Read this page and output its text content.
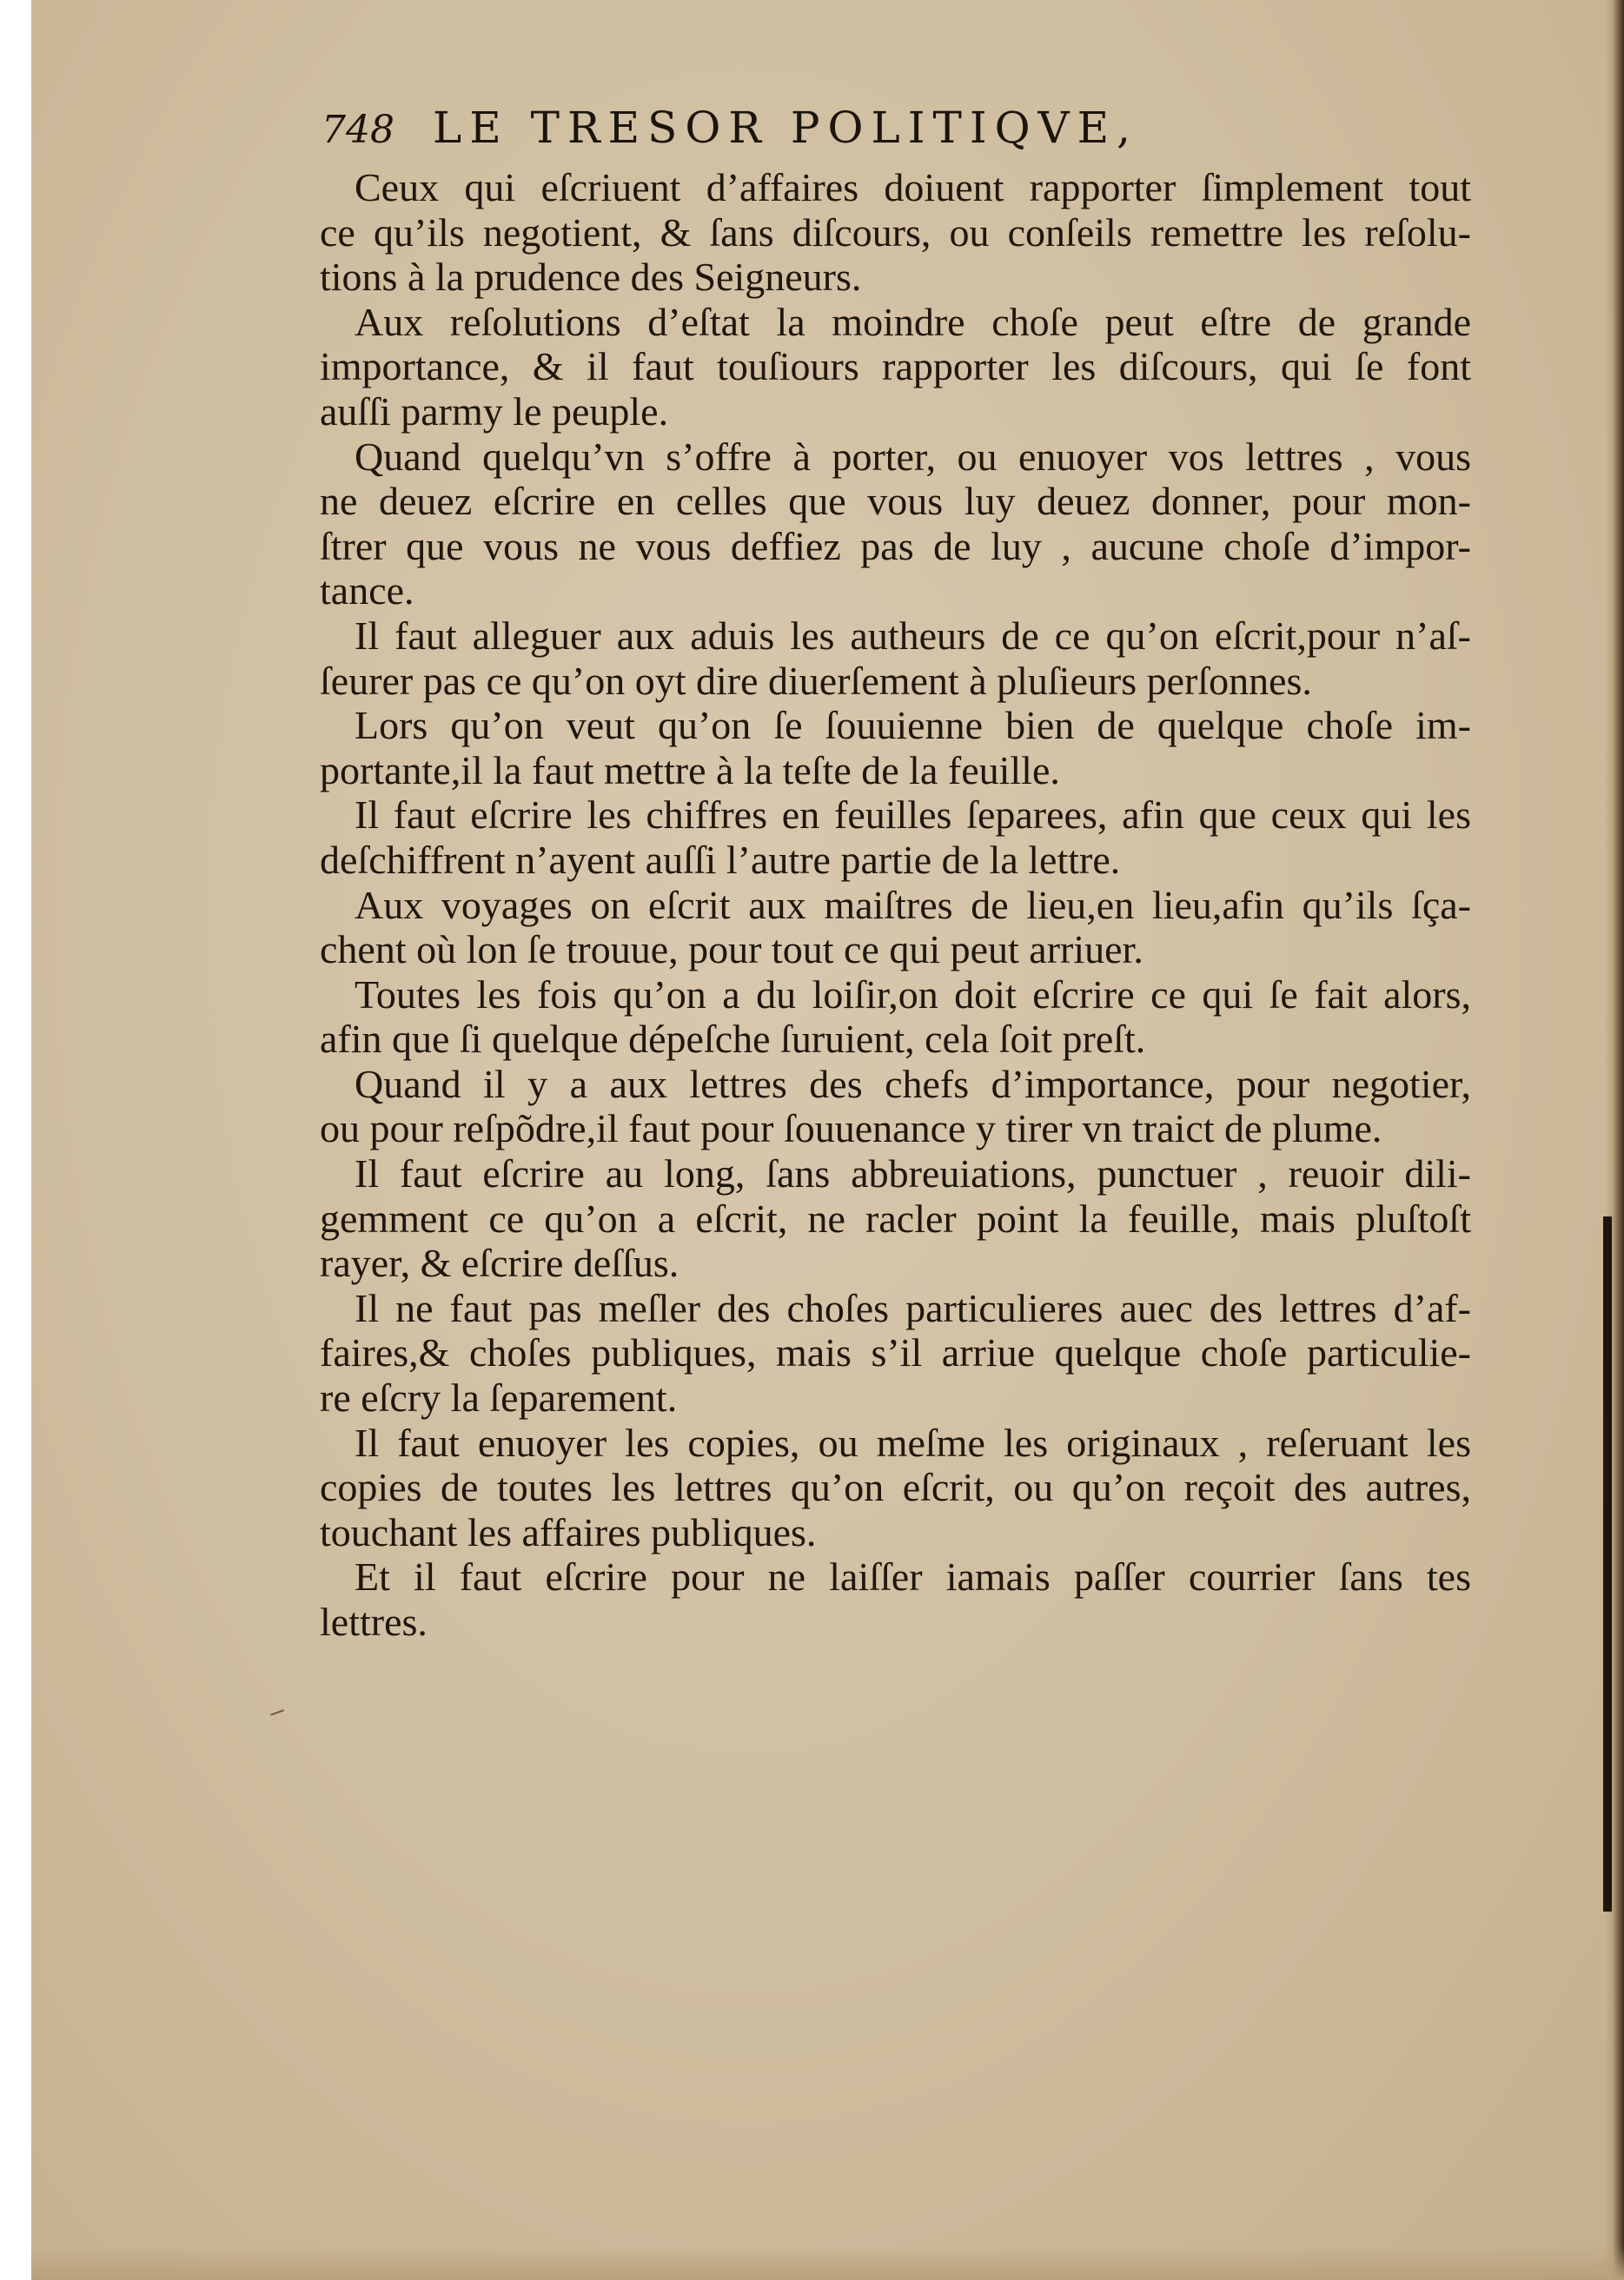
748 LE TRESOR POLITIQVE,
Ceux qui eſcriuent d’affaires doiuent rapporter ſimplement tout
ce qu’ils negotient, & ſans diſcours, ou conſeils remettre les reſolu-
tions à la prudence des Seigneurs.
Aux reſolutions d’eſtat la moindre choſe peut eſtre de grande
importance, & il faut touſiours rapporter les diſcours, qui ſe font
auſſi parmy le peuple.
Quand quelqu’vn s’offre à porter, ou enuoyer vos lettres , vous
ne deuez eſcrire en celles que vous luy deuez donner, pour mon-
ſtrer que vous ne vous deffiez pas de luy , aucune choſe d’impor-
tance.
Il faut alleguer aux aduis les autheurs de ce qu’on eſcrit,pour n’aſ-
ſeurer pas ce qu’on oyt dire diuerſement à pluſieurs perſonnes.
Lors qu’on veut qu’on ſe ſouuienne bien de quelque choſe im-
portante,il la faut mettre à la teſte de la feuille.
Il faut eſcrire les chiffres en feuilles ſeparees, afin que ceux qui les
deſchiffrent n’ayent auſſi l’autre partie de la lettre.
Aux voyages on eſcrit aux maiſtres de lieu,en lieu,afin qu’ils ſça-
chent où lon ſe trouue, pour tout ce qui peut arriuer.
Toutes les fois qu’on a du loiſir,on doit eſcrire ce qui ſe fait alors,
afin que ſi quelque dépeſche ſuruient, cela ſoit preſt.
Quand il y a aux lettres des chefs d’importance, pour negotier,
ou pour reſpõdre,il faut pour ſouuenance y tirer vn traict de plume.
Il faut eſcrire au long, ſans abbreuiations, punctuer , reuoir dili-
gemment ce qu’on a eſcrit, ne racler point la feuille, mais pluſtoſt
rayer, & eſcrire deſſus.
Il ne faut pas meſler des choſes particulieres auec des lettres d’af-
faires,& choſes publiques, mais s’il arriue quelque choſe particulie-
re eſcry la ſeparement.
Il faut enuoyer les copies, ou meſme les originaux , reſeruant les
copies de toutes les lettres qu’on eſcrit, ou qu’on reçoit des autres,
touchant les affaires publiques.
Et il faut eſcrire pour ne laiſſer iamais paſſer courrier ſans tes
lettres.
